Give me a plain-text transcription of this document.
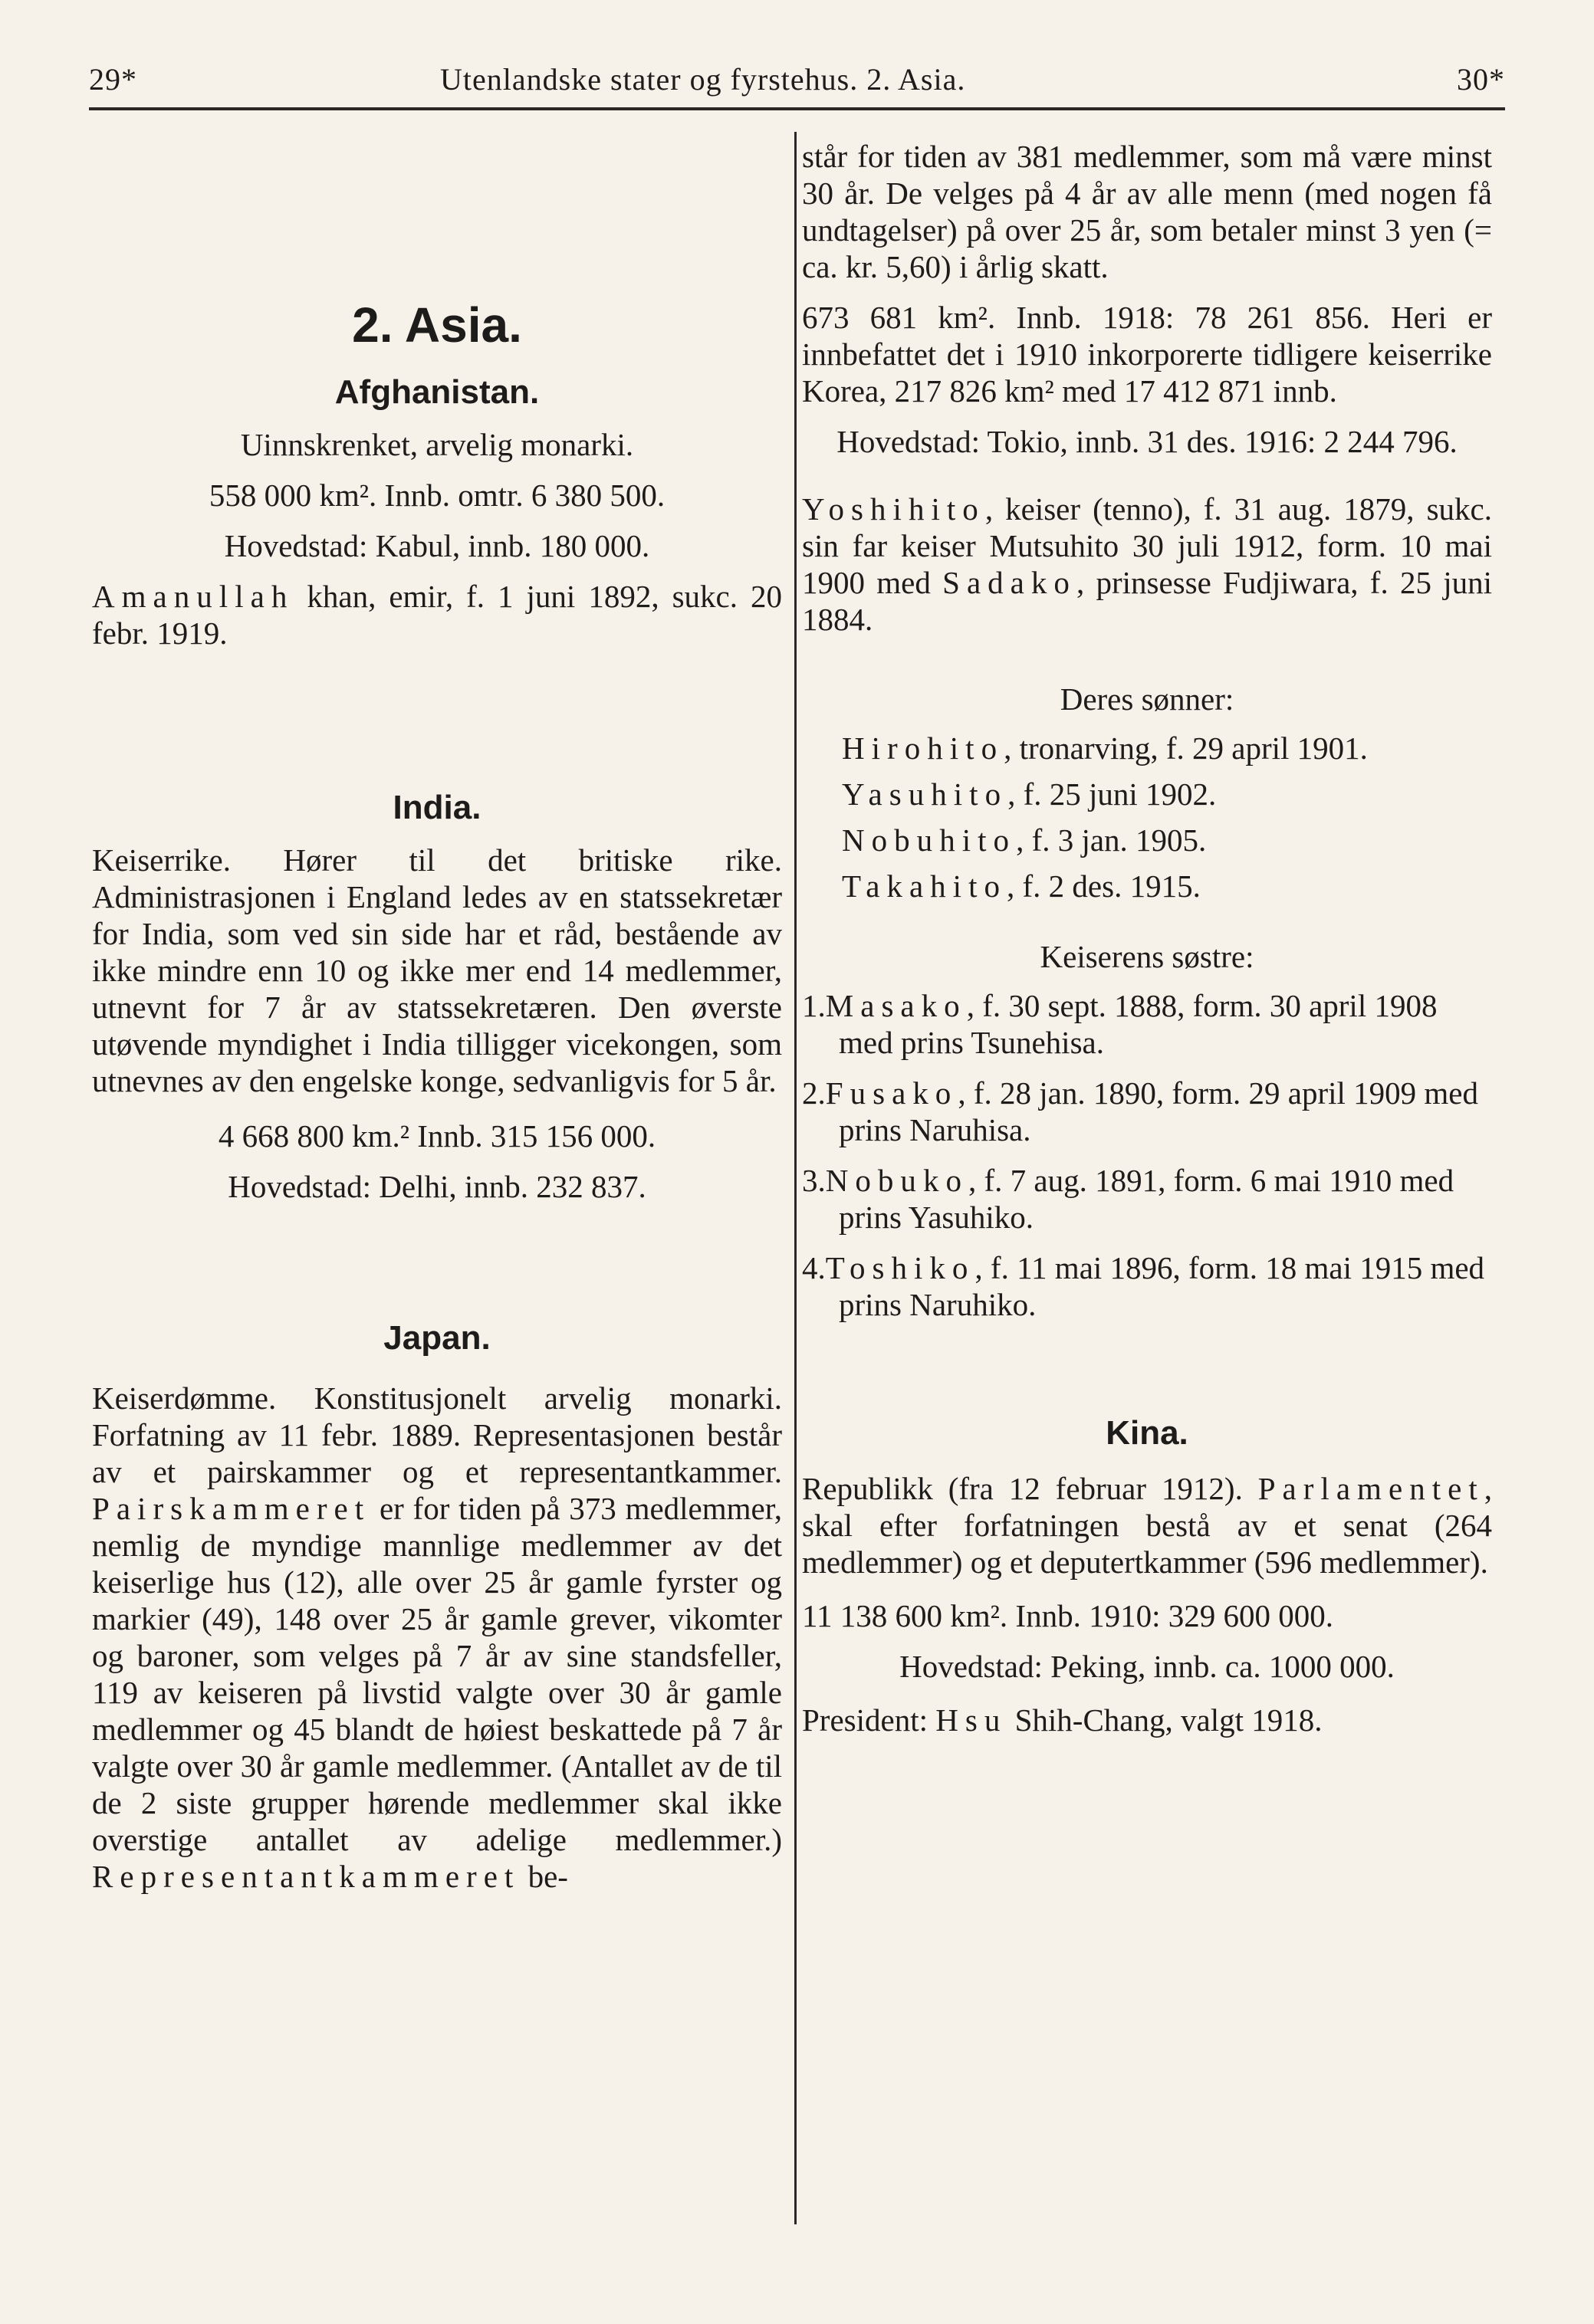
29*	Utenlandske stater og fyrstehus. 2. Asia.	30*

2. Asia.

Afghanistan.

Uinnskrenket, arvelig monarki.

558 000 km². Innb. omtr. 6 380 500.

Hovedstad: Kabul, innb. 180 000.

Amanullah khan, emir, f. 1 juni 1892, sukc. 20 febr. 1919.

India.

Keiserrike. Hører til det britiske rike. Administrasjonen i England ledes av en statssekretær for India, som ved sin side har et råd, bestående av ikke mindre enn 10 og ikke mer end 14 medlemmer, utnevnt for 7 år av statssekretæren. Den øverste utøvende myndighet i India tilligger vicekongen, som utnevnes av den engelske konge, sedvanligvis for 5 år.

4 668 800 km.² Innb. 315 156 000.

Hovedstad: Delhi, innb. 232 837.

Japan.

Keiserdømme. Konstitusjonelt arvelig monarki. Forfatning av 11 febr. 1889. Representasjonen består av et pairskammer og et representantkammer. Pairskammeret er for tiden på 373 medlemmer, nemlig de myndige mannlige medlemmer av det keiserlige hus (12), alle over 25 år gamle fyrster og markier (49), 148 over 25 år gamle grever, vikomter og baroner, som velges på 7 år av sine standsfeller, 119 av keiseren på livstid valgte over 30 år gamle medlemmer og 45 blandt de høiest beskattede på 7 år valgte over 30 år gamle medlemmer. (Antallet av de til de 2 siste grupper hørende medlemmer skal ikke overstige antallet av adelige medlemmer.) Representantkammeret be-

står for tiden av 381 medlemmer, som må være minst 30 år. De velges på 4 år av alle menn (med nogen få undtagelser) på over 25 år, som betaler minst 3 yen (= ca. kr. 5,60) i årlig skatt.

673 681 km². Innb. 1918: 78 261 856. Heri er innbefattet det i 1910 inkorporerte tidligere keiserrike Korea, 217 826 km² med 17 412 871 innb.

Hovedstad: Tokio, innb. 31 des. 1916: 2 244 796.

Yoshihito, keiser (tenno), f. 31 aug. 1879, sukc. sin far keiser Mutsuhito 30 juli 1912, form. 10 mai 1900 med Sadako, prinsesse Fudjiwara, f. 25 juni 1884.

Deres sønner:

Hirohito, tronarving, f. 29 april 1901.

Yasuhito, f. 25 juni 1902.

Nobuhito, f. 3 jan. 1905.

Takahito, f. 2 des. 1915.

Keiserens søstre:

1.Masako, f. 30 sept. 1888, form. 30 april 1908 med prins Tsunehisa.

2.Fusako, f. 28 jan. 1890, form. 29 april 1909 med prins Naruhisa.

3.Nobuko, f. 7 aug. 1891, form. 6 mai 1910 med prins Yasuhiko.

4.Toshiko, f. 11 mai 1896, form. 18 mai 1915 med prins Naruhiko.

Kina.

Republikk (fra 12 februar 1912). Parlamentet, skal efter forfatningen bestå av et senat (264 medlemmer) og et deputertkammer (596 medlemmer).

11 138 600 km². Innb. 1910: 329 600 000.

Hovedstad: Peking, innb. ca. 1000 000.

President: Hsu Shih-Chang, valgt 1918.
